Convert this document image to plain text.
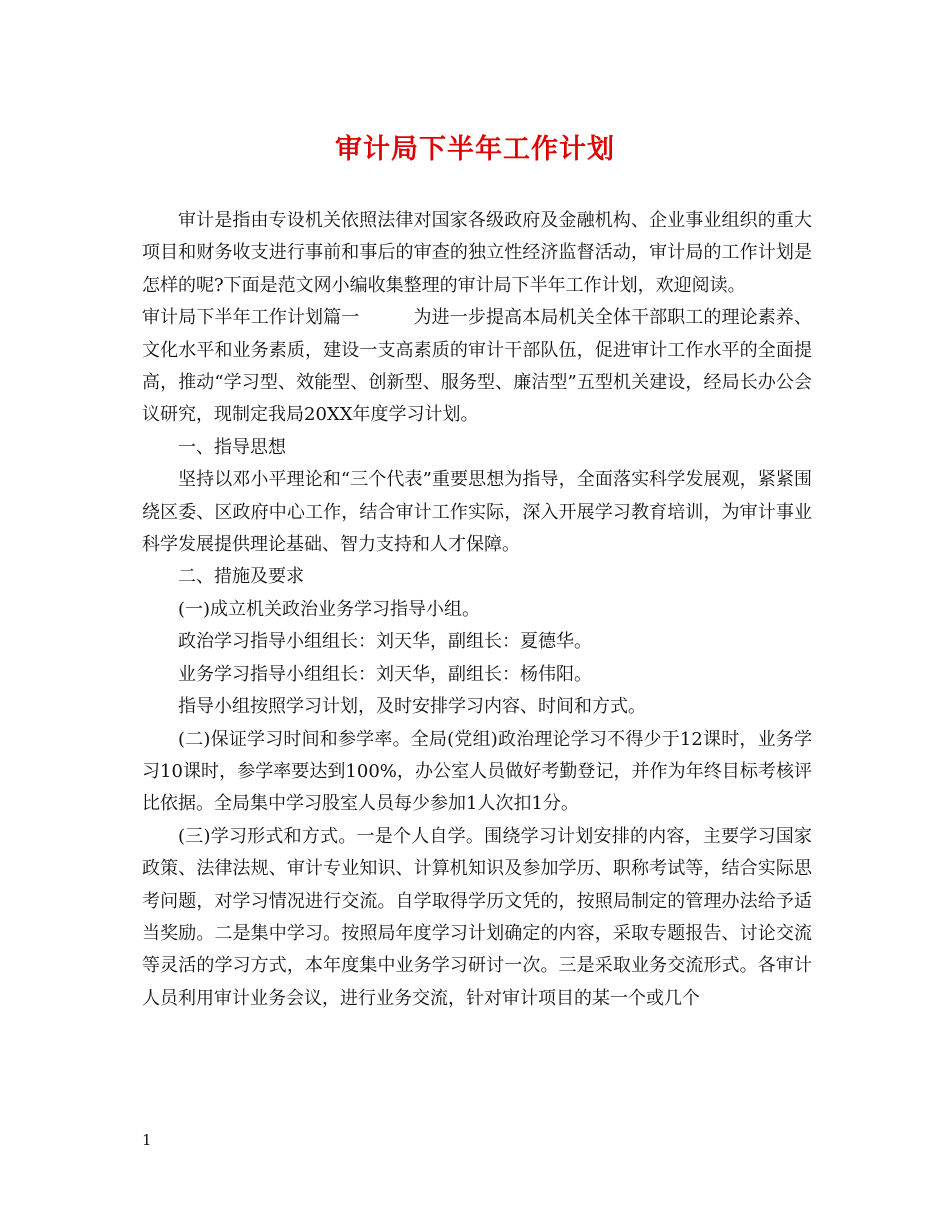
审计局下半年工作计划

审计是指由专设机关依照法律对国家各级政府及金融机构、企业事业组织的重大项目和财务收支进行事前和事后的审查的独立性经济监督活动，审计局的工作计划是怎样的呢?下面是范文网小编收集整理的审计局下半年工作计划，欢迎阅读。

审计局下半年工作计划篇一	为进一步提高本局机关全体干部职工的理论素养、文化水平和业务素质，建设一支高素质的审计干部队伍，促进审计工作水平的全面提高，推动“学习型、效能型、创新型、服务型、廉洁型”五型机关建设，经局长办公会议研究，现制定我局20XX年度学习计划。

一、指导思想

坚持以邓小平理论和“三个代表”重要思想为指导，全面落实科学发展观，紧紧围绕区委、区政府中心工作，结合审计工作实际，深入开展学习教育培训，为审计事业科学发展提供理论基础、智力支持和人才保障。

二、措施及要求

(一)成立机关政治业务学习指导小组。

政治学习指导小组组长：刘天华，副组长：夏德华。

业务学习指导小组组长：刘天华，副组长：杨伟阳。

指导小组按照学习计划，及时安排学习内容、时间和方式。

(二)保证学习时间和参学率。全局(党组)政治理论学习不得少于12课时，业务学习10课时，参学率要达到100%，办公室人员做好考勤登记，并作为年终目标考核评比依据。全局集中学习股室人员每少参加1人次扣1分。

(三)学习形式和方式。一是个人自学。围绕学习计划安排的内容，主要学习国家政策、法律法规、审计专业知识、计算机知识及参加学历、职称考试等，结合实际思考问题，对学习情况进行交流。自学取得学历文凭的，按照局制定的管理办法给予适当奖励。二是集中学习。按照局年度学习计划确定的内容，采取专题报告、讨论交流等灵活的学习方式，本年度集中业务学习研讨一次。三是采取业务交流形式。各审计人员利用审计业务会议，进行业务交流，针对审计项目的某一个或几个

1
